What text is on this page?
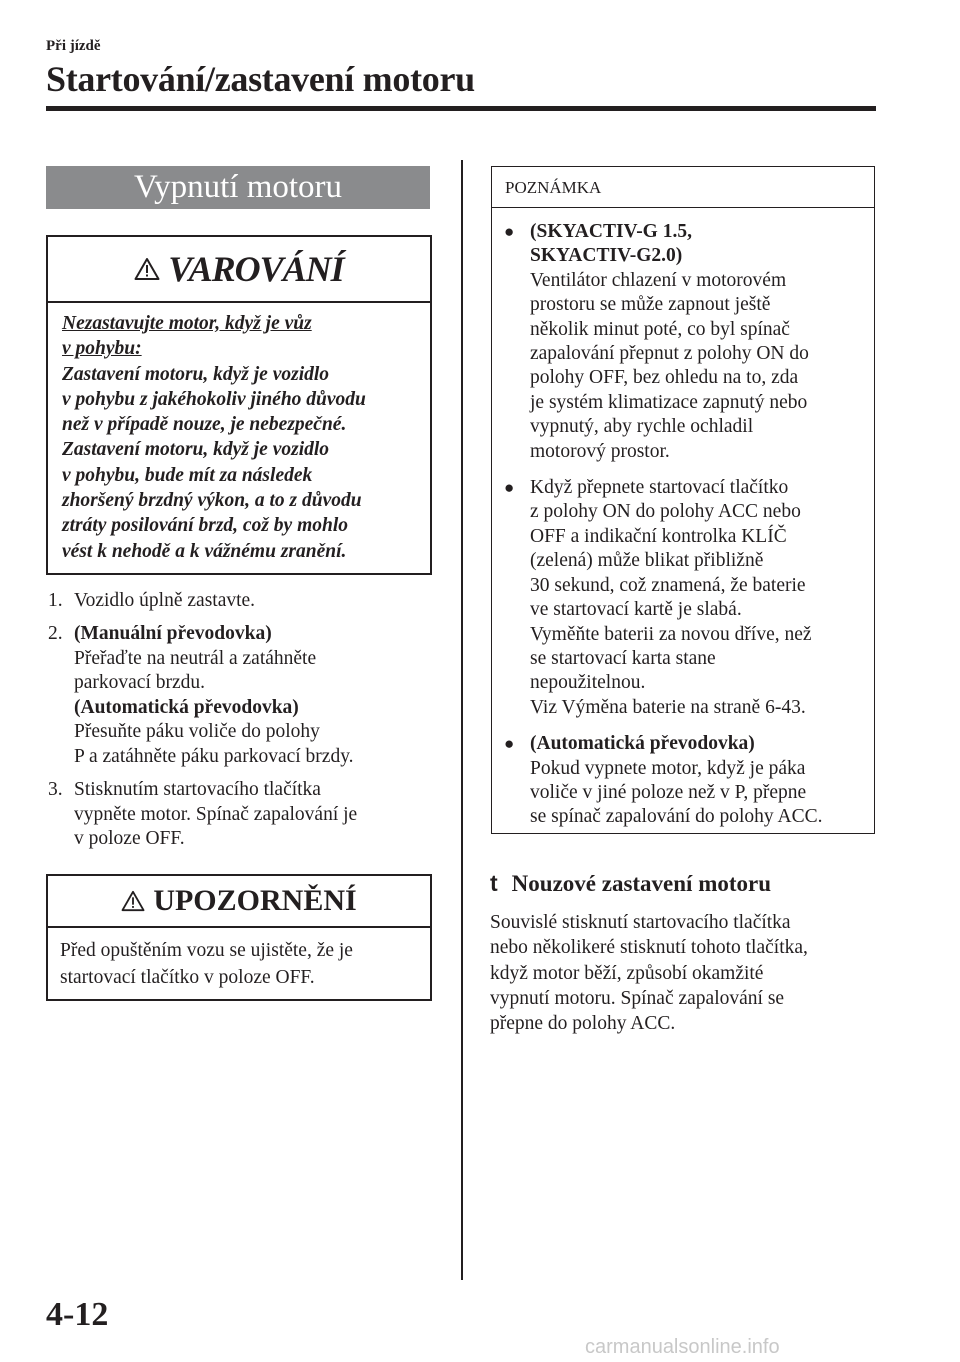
Při jízdě
Startování/zastavení motoru
Vypnutí motoru
VAROVÁNÍ
Nezastavujte motor, když je vůz
v pohybu:
Zastavení motoru, když je vozidlo
v pohybu z jakéhokoliv jiného důvodu
než v případě nouze, je nebezpečné.
Zastavení motoru, když je vozidlo
v pohybu, bude mít za následek
zhoršený brzdný výkon, a to z důvodu
ztráty posilování brzd, což by mohlo
vést k nehodě a k vážnému zranění.
1. Vozidlo úplně zastavte.
2. (Manuální převodovka)
Přeřaďte na neutrál a zatáhněte
parkovací brzdu.
(Automatická převodovka)
Přesuňte páku voliče do polohy
P a zatáhněte páku parkovací brzdy.
3. Stisknutím startovacího tlačítka
vypněte motor. Spínač zapalování je
v poloze OFF.
UPOZORNĚNÍ
Před opuštěním vozu se ujistěte, že je
startovací tlačítko v poloze OFF.
POZNÁMKA
● (SKYACTIV-G 1.5,
SKYACTIV-G2.0)
Ventilátor chlazení v motorovém
prostoru se může zapnout ještě
několik minut poté, co byl spínač
zapalování přepnut z polohy ON do
polohy OFF, bez ohledu na to, zda
je systém klimatizace zapnutý nebo
vypnutý, aby rychle ochladil
motorový prostor.
● Když přepnete startovací tlačítko
z polohy ON do polohy ACC nebo
OFF a indikační kontrolka KLÍČ
(zelená) může blikat přibližně
30 sekund, což znamená, že baterie
ve startovací kartě je slabá.
Vyměňte baterii za novou dříve, než
se startovací karta stane
nepoužitelnou.
Viz Výměna baterie na straně 6-43.
● (Automatická převodovka)
Pokud vypnete motor, když je páka
voliče v jiné poloze než v P, přepne
se spínač zapalování do polohy ACC.
t Nouzové zastavení motoru
Souvislé stisknutí startovacího tlačítka
nebo několikeré stisknutí tohoto tlačítka,
když motor běží, způsobí okamžité
vypnutí motoru. Spínač zapalování se
přepne do polohy ACC.
4-12
carmanualsonline.info
